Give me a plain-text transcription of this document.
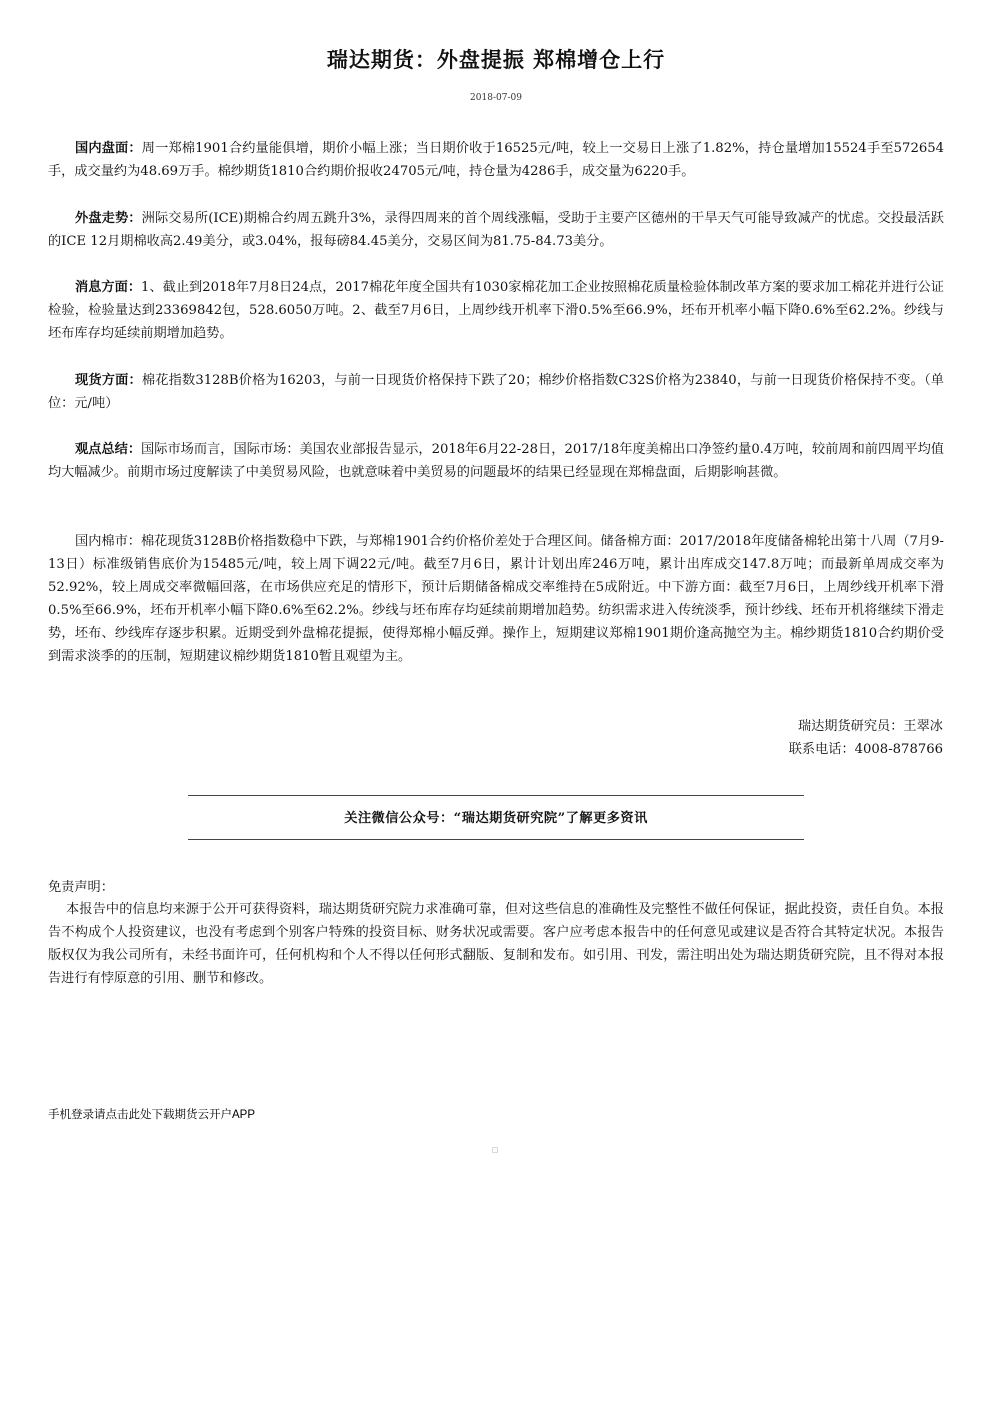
瑞达期货：外盘提振 郑棉增仓上行
2018-07-09

国内盘面：周一郑棉1901合约量能俱增，期价小幅上涨；当日期价收于16525元/吨，较上一交易日上涨了1.82%，持仓量增加15524手至572654手，成交量约为48.69万手。棉纱期货1810合约期价报收24705元/吨，持仓量为4286手，成交量为6220手。

外盘走势：洲际交易所(ICE)期棉合约周五跳升3%，录得四周来的首个周线涨幅，受助于主要产区德州的干旱天气可能导致减产的忧虑。交投最活跃的ICE 12月期棉收高2.49美分，或3.04%，报每磅84.45美分，交易区间为81.75-84.73美分。

消息方面：1、截止到2018年7月8日24点，2017棉花年度全国共有1030家棉花加工企业按照棉花质量检验体制改革方案的要求加工棉花并进行公证检验，检验量达到23369842包，528.6050万吨。2、截至7月6日，上周纱线开机率下滑0.5%至66.9%，坯布开机率小幅下降0.6%至62.2%。纱线与坯布库存均延续前期增加趋势。

现货方面：棉花指数3128B价格为16203，与前一日现货价格保持下跌了20；棉纱价格指数C32S价格为23840，与前一日现货价格保持不变。（单位：元/吨）

观点总结：国际市场而言，国际市场：美国农业部报告显示，2018年6月22-28日，2017/18年度美棉出口净签约量0.4万吨，较前周和前四周平均值均大幅减少。前期市场过度解读了中美贸易风险，也就意味着中美贸易的问题最坏的结果已经显现在郑棉盘面，后期影响甚微。

国内棉市：棉花现货3128B价格指数稳中下跌，与郑棉1901合约价格价差处于合理区间。储备棉方面：2017/2018年度储备棉轮出第十八周（7月9-13日）标准级销售底价为15485元/吨，较上周下调22元/吨。截至7月6日，累计计划出库246万吨，累计出库成交147.8万吨；而最新单周成交率为52.92%，较上周成交率微幅回落，在市场供应充足的情形下，预计后期储备棉成交率维持在5成附近。中下游方面：截至7月6日，上周纱线开机率下滑0.5%至66.9%，坯布开机率小幅下降0.6%至62.2%。纱线与坯布库存均延续前期增加趋势。纺织需求进入传统淡季，预计纱线、坯布开机将继续下滑走势，坯布、纱线库存逐步积累。近期受到外盘棉花提振，使得郑棉小幅反弹。操作上，短期建议郑棉1901期价逢高抛空为主。棉纱期货1810合约期价受到需求淡季的的压制，短期建议棉纱期货1810暂且观望为主。

瑞达期货研究员：王翠冰
联系电话：4008-878766
关注微信公众号：“瑞达期货研究院”了解更多资讯
免责声明：

本报告中的信息均来源于公开可获得资料，瑞达期货研究院力求准确可靠，但对这些信息的准确性及完整性不做任何保证，据此投资，责任自负。本报告不构成个人投资建议，也没有考虑到个别客户特殊的投资目标、财务状况或需要。客户应考虑本报告中的任何意见或建议是否符合其特定状况。本报告版权仅为我公司所有，未经书面许可，任何机构和个人不得以任何形式翻版、复制和发布。如引用、刊发，需注明出处为瑞达期货研究院，且不得对本报告进行有悖原意的引用、删节和修改。

手机登录请点击此处下载期货云开户APP
